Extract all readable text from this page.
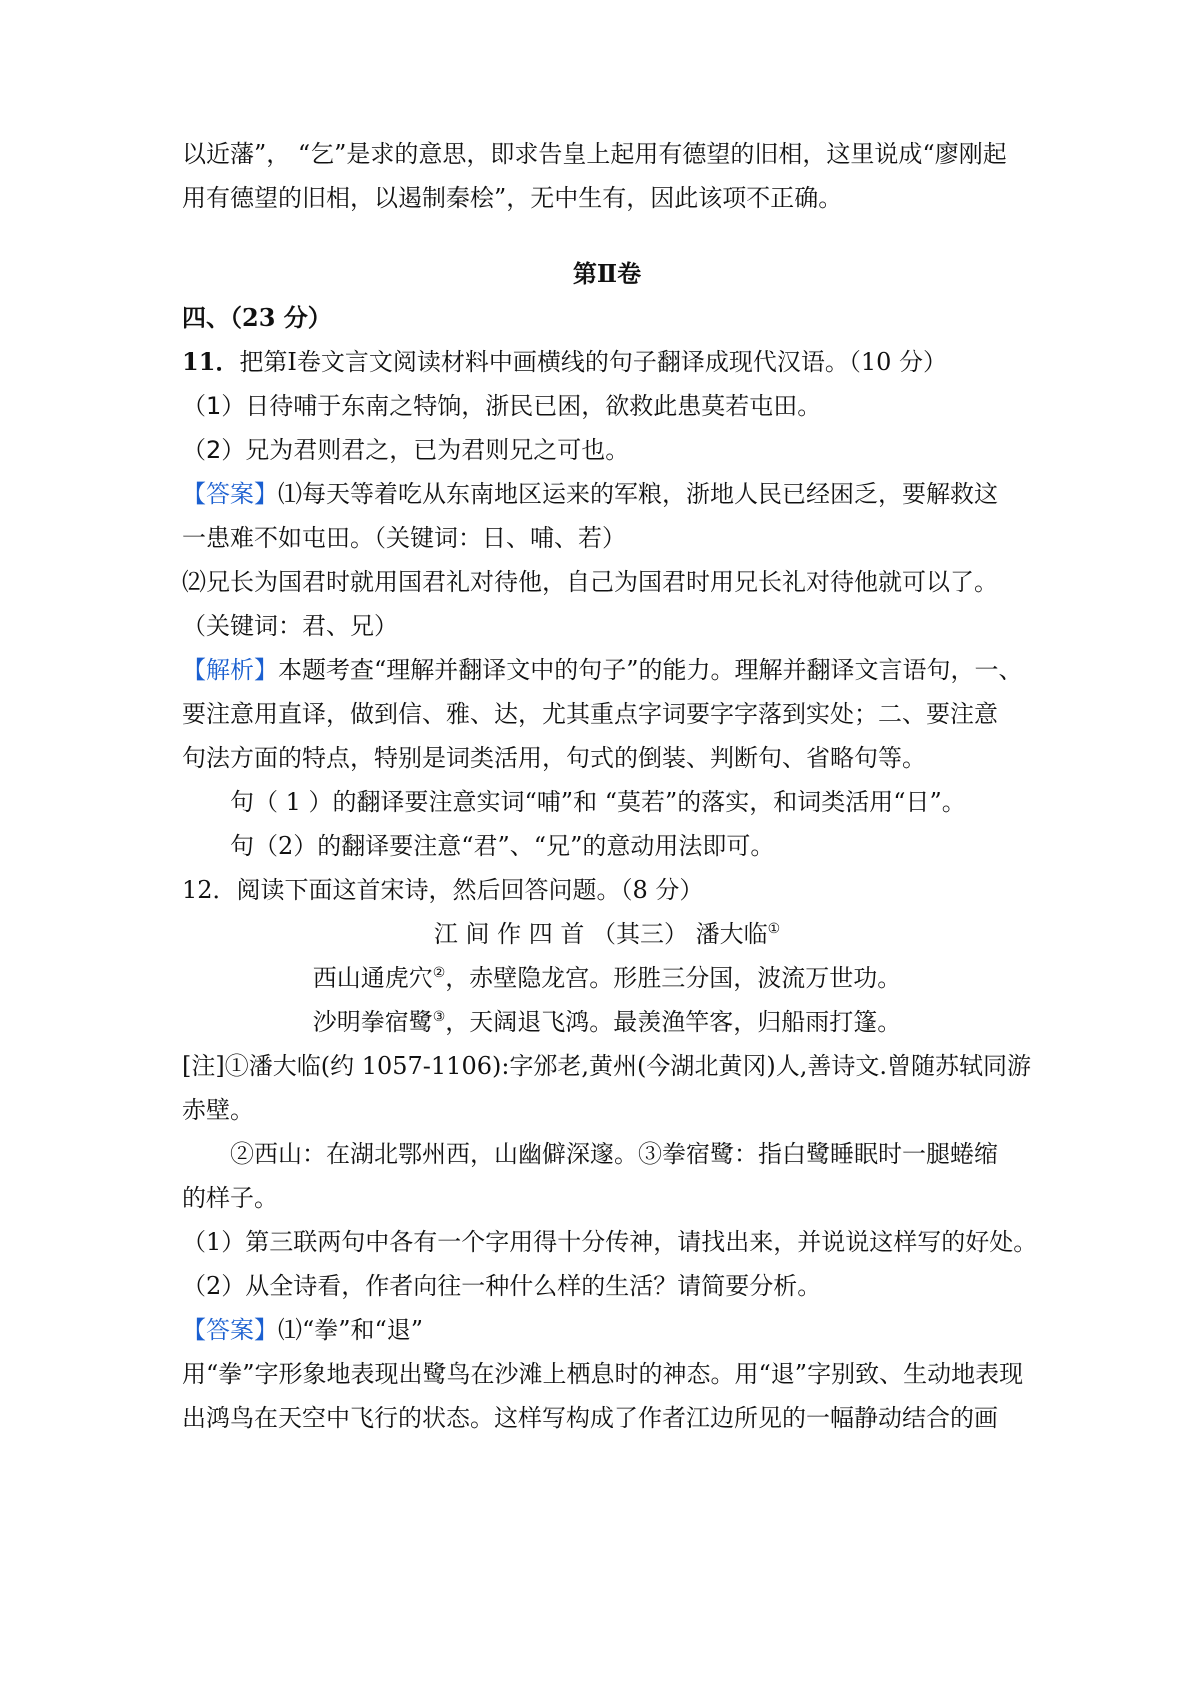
以近藩”， “乞”是求的意思，即求告皇上起用有德望的旧相，这里说成“廖刚起
用有德望的旧相，以遏制秦桧”，无中生有，因此该项不正确。
第Ⅱ卷
四、（23 分）
11．把第Ⅰ卷文言文阅读材料中画横线的句子翻译成现代汉语。（10 分）
（1）日待哺于东南之特饷，浙民已困，欲救此患莫若屯田。
（2）兄为君则君之，已为君则兄之可也。
【答案】⑴每天等着吃从东南地区运来的军粮，浙地人民已经困乏，要解救这
一患难不如屯田。（关键词：日、哺、若）
⑵兄长为国君时就用国君礼对待他，自己为国君时用兄长礼对待他就可以了。
（关键词：君、兄）
【解析】本题考查“理解并翻译文中的句子”的能力。理解并翻译文言语句，一、
要注意用直译，做到信、雅、达，尤其重点字词要字字落到实处；二、要注意
句法方面的特点，特别是词类活用，句式的倒装、判断句、省略句等。
句（ 1 ）的翻译要注意实词“哺”和 “莫若”的落实，和词类活用“日”。
句（2）的翻译要注意“君”、“兄”的意动用法即可。
12．阅读下面这首宋诗，然后回答问题。（8 分）
江 间 作 四 首 （其三） 潘大临①
西山通虎穴②，赤壁隐龙宫。形胜三分国，波流万世功。
沙明拳宿鹭③，天阔退飞鸿。最羡渔竿客，归船雨打篷。
[注]①潘大临(约 1057-1106):字邠老,黄州(今湖北黄冈)人,善诗文.曾随苏轼同游
赤壁。
②西山：在湖北鄂州西，山幽僻深邃。③拳宿鹭：指白鹭睡眠时一腿蜷缩
的样子。
（1）第三联两句中各有一个字用得十分传神，请找出来，并说说这样写的好处。
（2）从全诗看，作者向往一种什么样的生活？请简要分析。
【答案】⑴“拳”和“退”
用“拳”字形象地表现出鹭鸟在沙滩上栖息时的神态。用“退”字别致、生动地表现
出鸿鸟在天空中飞行的状态。这样写构成了作者江边所见的一幅静动结合的画
